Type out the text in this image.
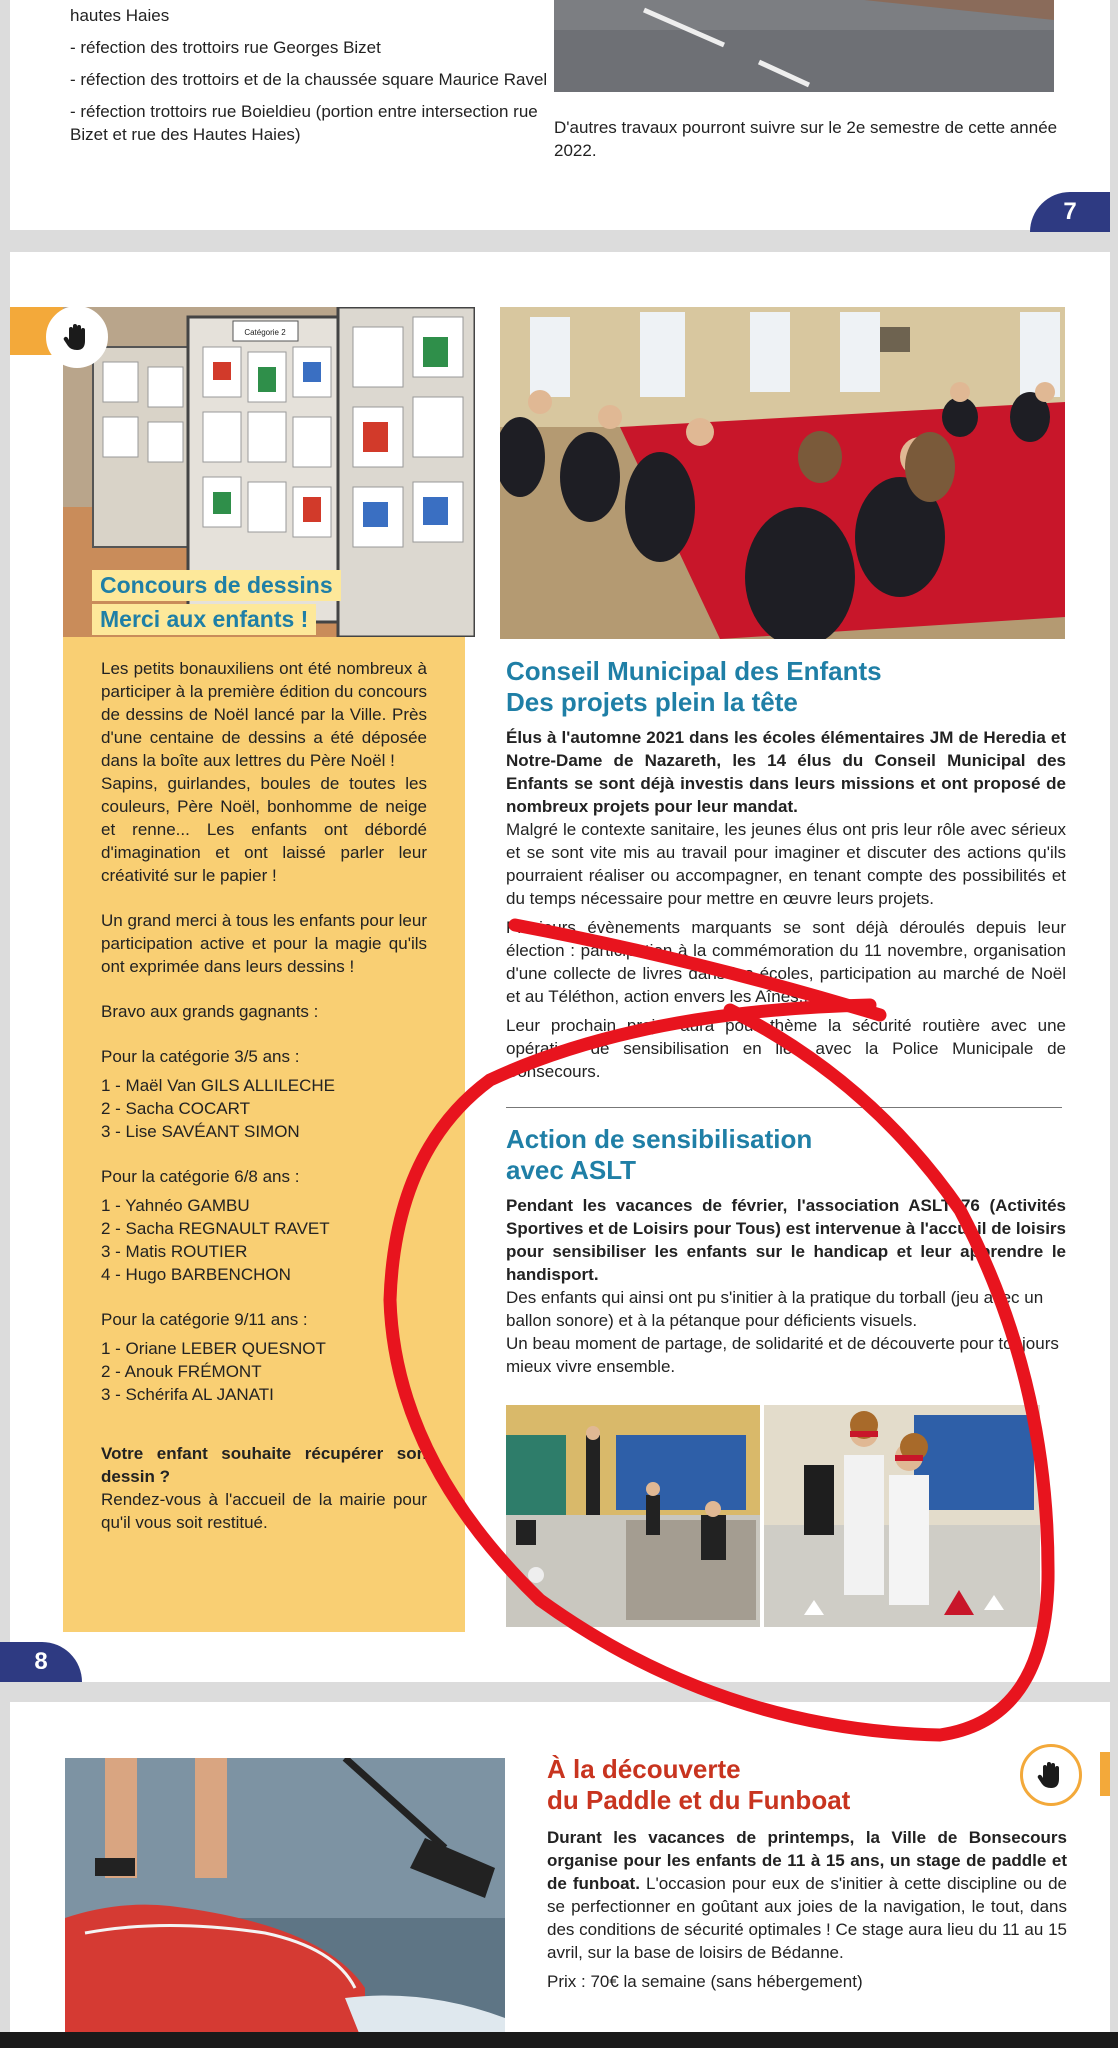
hautes Haies
- réfection des trottoirs rue Georges Bizet
- réfection des trottoirs et de la chaussée square Maurice Ravel
- réfection trottoirs rue Boieldieu (portion entre intersection rue Bizet et rue des Hautes Haies)	D'autres travaux pourront suivre sur le 2e semestre de cette année 2022.
7
Catégorie 2
Concours de dessins
Merci aux enfants !
Les petits bonauxiliens ont été nombreux à participer à la première édition du concours de dessins de Noël lancé par la Ville. Près d'une centaine de dessins a été déposée dans la boîte aux lettres du Père Noël !
Sapins, guirlandes, boules de toutes les couleurs, Père Noël, bonhomme de neige et renne... Les enfants ont débordé d'imagination et ont laissé parler leur créativité sur le papier !
Un grand merci à tous les enfants pour leur participation active et pour la magie qu'ils ont exprimée dans leurs dessins !
Bravo aux grands gagnants :
Pour la catégorie 3/5 ans :
1 - Maël Van GILS ALLILECHE
2 - Sacha COCART
3 - Lise SAVÉANT SIMON
Pour la catégorie 6/8 ans :
1 - Yahnéo GAMBU
2 - Sacha REGNAULT RAVET
3 - Matis ROUTIER
4 - Hugo BARBENCHON
Pour la catégorie 9/11 ans :
1 - Oriane LEBER QUESNOT
2 - Anouk FRÉMONT
3 - Schérifa AL JANATI
Votre enfant souhaite récupérer son dessin ?
Rendez-vous à l'accueil de la mairie pour qu'il vous soit restitué.
Conseil Municipal des Enfants
Des projets plein la tête
Élus à l'automne 2021 dans les écoles élémentaires JM de Heredia et Notre-Dame de Nazareth, les 14 élus du Conseil Municipal des Enfants se sont déjà investis dans leurs missions et ont proposé de nombreux projets pour leur mandat.
Malgré le contexte sanitaire, les jeunes élus ont pris leur rôle avec sérieux et se sont vite mis au travail pour imaginer et discuter des actions qu'ils pourraient réaliser ou accompagner, en tenant compte des possibilités et du temps nécessaire pour mettre en œuvre leurs projets.
Plusieurs évènements marquants se sont déjà déroulés depuis leur élection : participation à la commémoration du 11 novembre, organisation d'une collecte de livres dans les écoles, participation au marché de Noël et au Téléthon, action envers les Aînés...
Leur prochain projet aura pour thème la sécurité routière avec une opération de sensibilisation en lien avec la Police Municipale de Bonsecours.
Action de sensibilisation
avec ASLT
Pendant les vacances de février, l'association ASLT 76 (Activités Sportives et de Loisirs pour Tous) est intervenue à l'accueil de loisirs pour sensibiliser les enfants sur le handicap et leur apprendre le handisport.
Des enfants qui ainsi ont pu s'initier à la pratique du torball (jeu avec un ballon sonore) et à la pétanque pour déficients visuels.
Un beau moment de partage, de solidarité et de découverte pour toujours mieux vivre ensemble.
8
À la découverte
du Paddle et du Funboat
Durant les vacances de printemps, la Ville de Bonsecours organise pour les enfants de 11 à 15 ans, un stage de paddle et de funboat. L'occasion pour eux de s'initier à cette discipline ou de se perfectionner en goûtant aux joies de la navigation, le tout, dans des conditions de sécurité optimales ! Ce stage aura lieu du 11 au 15 avril, sur la base de loisirs de Bédanne.
Prix : 70€ la semaine (sans hébergement)
